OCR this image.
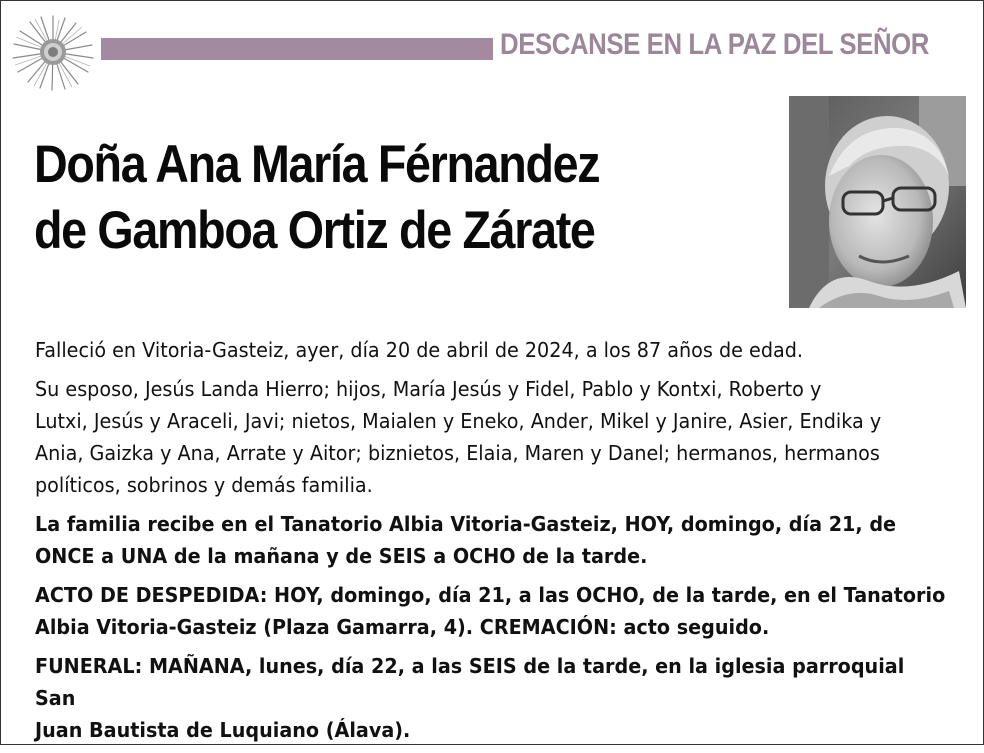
DESCANSE EN LA PAZ DEL SEÑOR
Doña Ana María Férnandez
de Gamboa Ortiz de Zárate

Falleció en Vitoria-Gasteiz, ayer, día 20 de abril de 2024, a los 87 años de edad.

Su esposo, Jesús Landa Hierro; hijos, María Jesús y Fidel, Pablo y Kontxi, Roberto y
Lutxi, Jesús y Araceli, Javi; nietos, Maialen y Eneko, Ander, Mikel y Janire, Asier, Endika y
Ania, Gaizka y Ana, Arrate y Aitor; biznietos, Elaia, Maren y Danel; hermanos, hermanos
políticos, sobrinos y demás familia.

La familia recibe en el Tanatorio Albia Vitoria-Gasteiz, HOY, domingo, día 21, de
ONCE a UNA de la mañana y de SEIS a OCHO de la tarde.

ACTO DE DESPEDIDA: HOY, domingo, día 21, a las OCHO, de la tarde, en el Tanatorio
Albia Vitoria-Gasteiz (Plaza Gamarra, 4). CREMACIÓN: acto seguido.

FUNERAL: MAÑANA, lunes, día 22, a las SEIS de la tarde, en la iglesia parroquial San
Juan Bautista de Luquiano (Álava).
